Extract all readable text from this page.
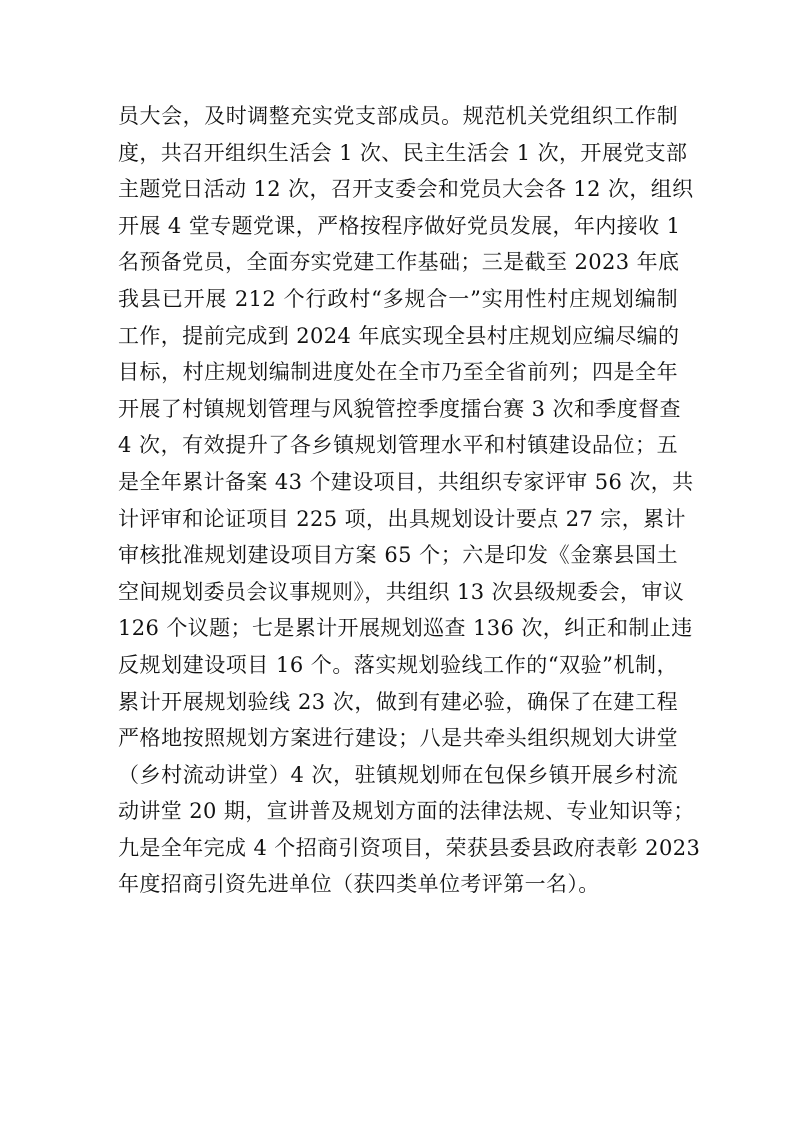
员大会，及时调整充实党支部成员。规范机关党组织工作制
度，共召开组织生活会 1 次、民主生活会 1 次，开展党支部
主题党日活动 12 次，召开支委会和党员大会各 12 次，组织
开展 4 堂专题党课，严格按程序做好党员发展，年内接收 1
名预备党员，全面夯实党建工作基础；三是截至 2023 年底
我县已开展 212 个行政村“多规合一”实用性村庄规划编制
工作，提前完成到 2024 年底实现全县村庄规划应编尽编的
目标，村庄规划编制进度处在全市乃至全省前列；四是全年
开展了村镇规划管理与风貌管控季度擂台赛 3 次和季度督查
4 次，有效提升了各乡镇规划管理水平和村镇建设品位；五
是全年累计备案 43 个建设项目，共组织专家评审 56 次，共
计评审和论证项目 225 项，出具规划设计要点 27 宗，累计
审核批准规划建设项目方案 65 个；六是印发《金寨县国土
空间规划委员会议事规则》，共组织 13 次县级规委会，审议
126 个议题；七是累计开展规划巡查 136 次，纠正和制止违
反规划建设项目 16 个。落实规划验线工作的“双验”机制，
累计开展规划验线 23 次，做到有建必验，确保了在建工程
严格地按照规划方案进行建设；八是共牵头组织规划大讲堂
（乡村流动讲堂）4 次，驻镇规划师在包保乡镇开展乡村流
动讲堂 20 期，宣讲普及规划方面的法律法规、专业知识等；
九是全年完成 4 个招商引资项目，荣获县委县政府表彰 2023
年度招商引资先进单位（获四类单位考评第一名）。
